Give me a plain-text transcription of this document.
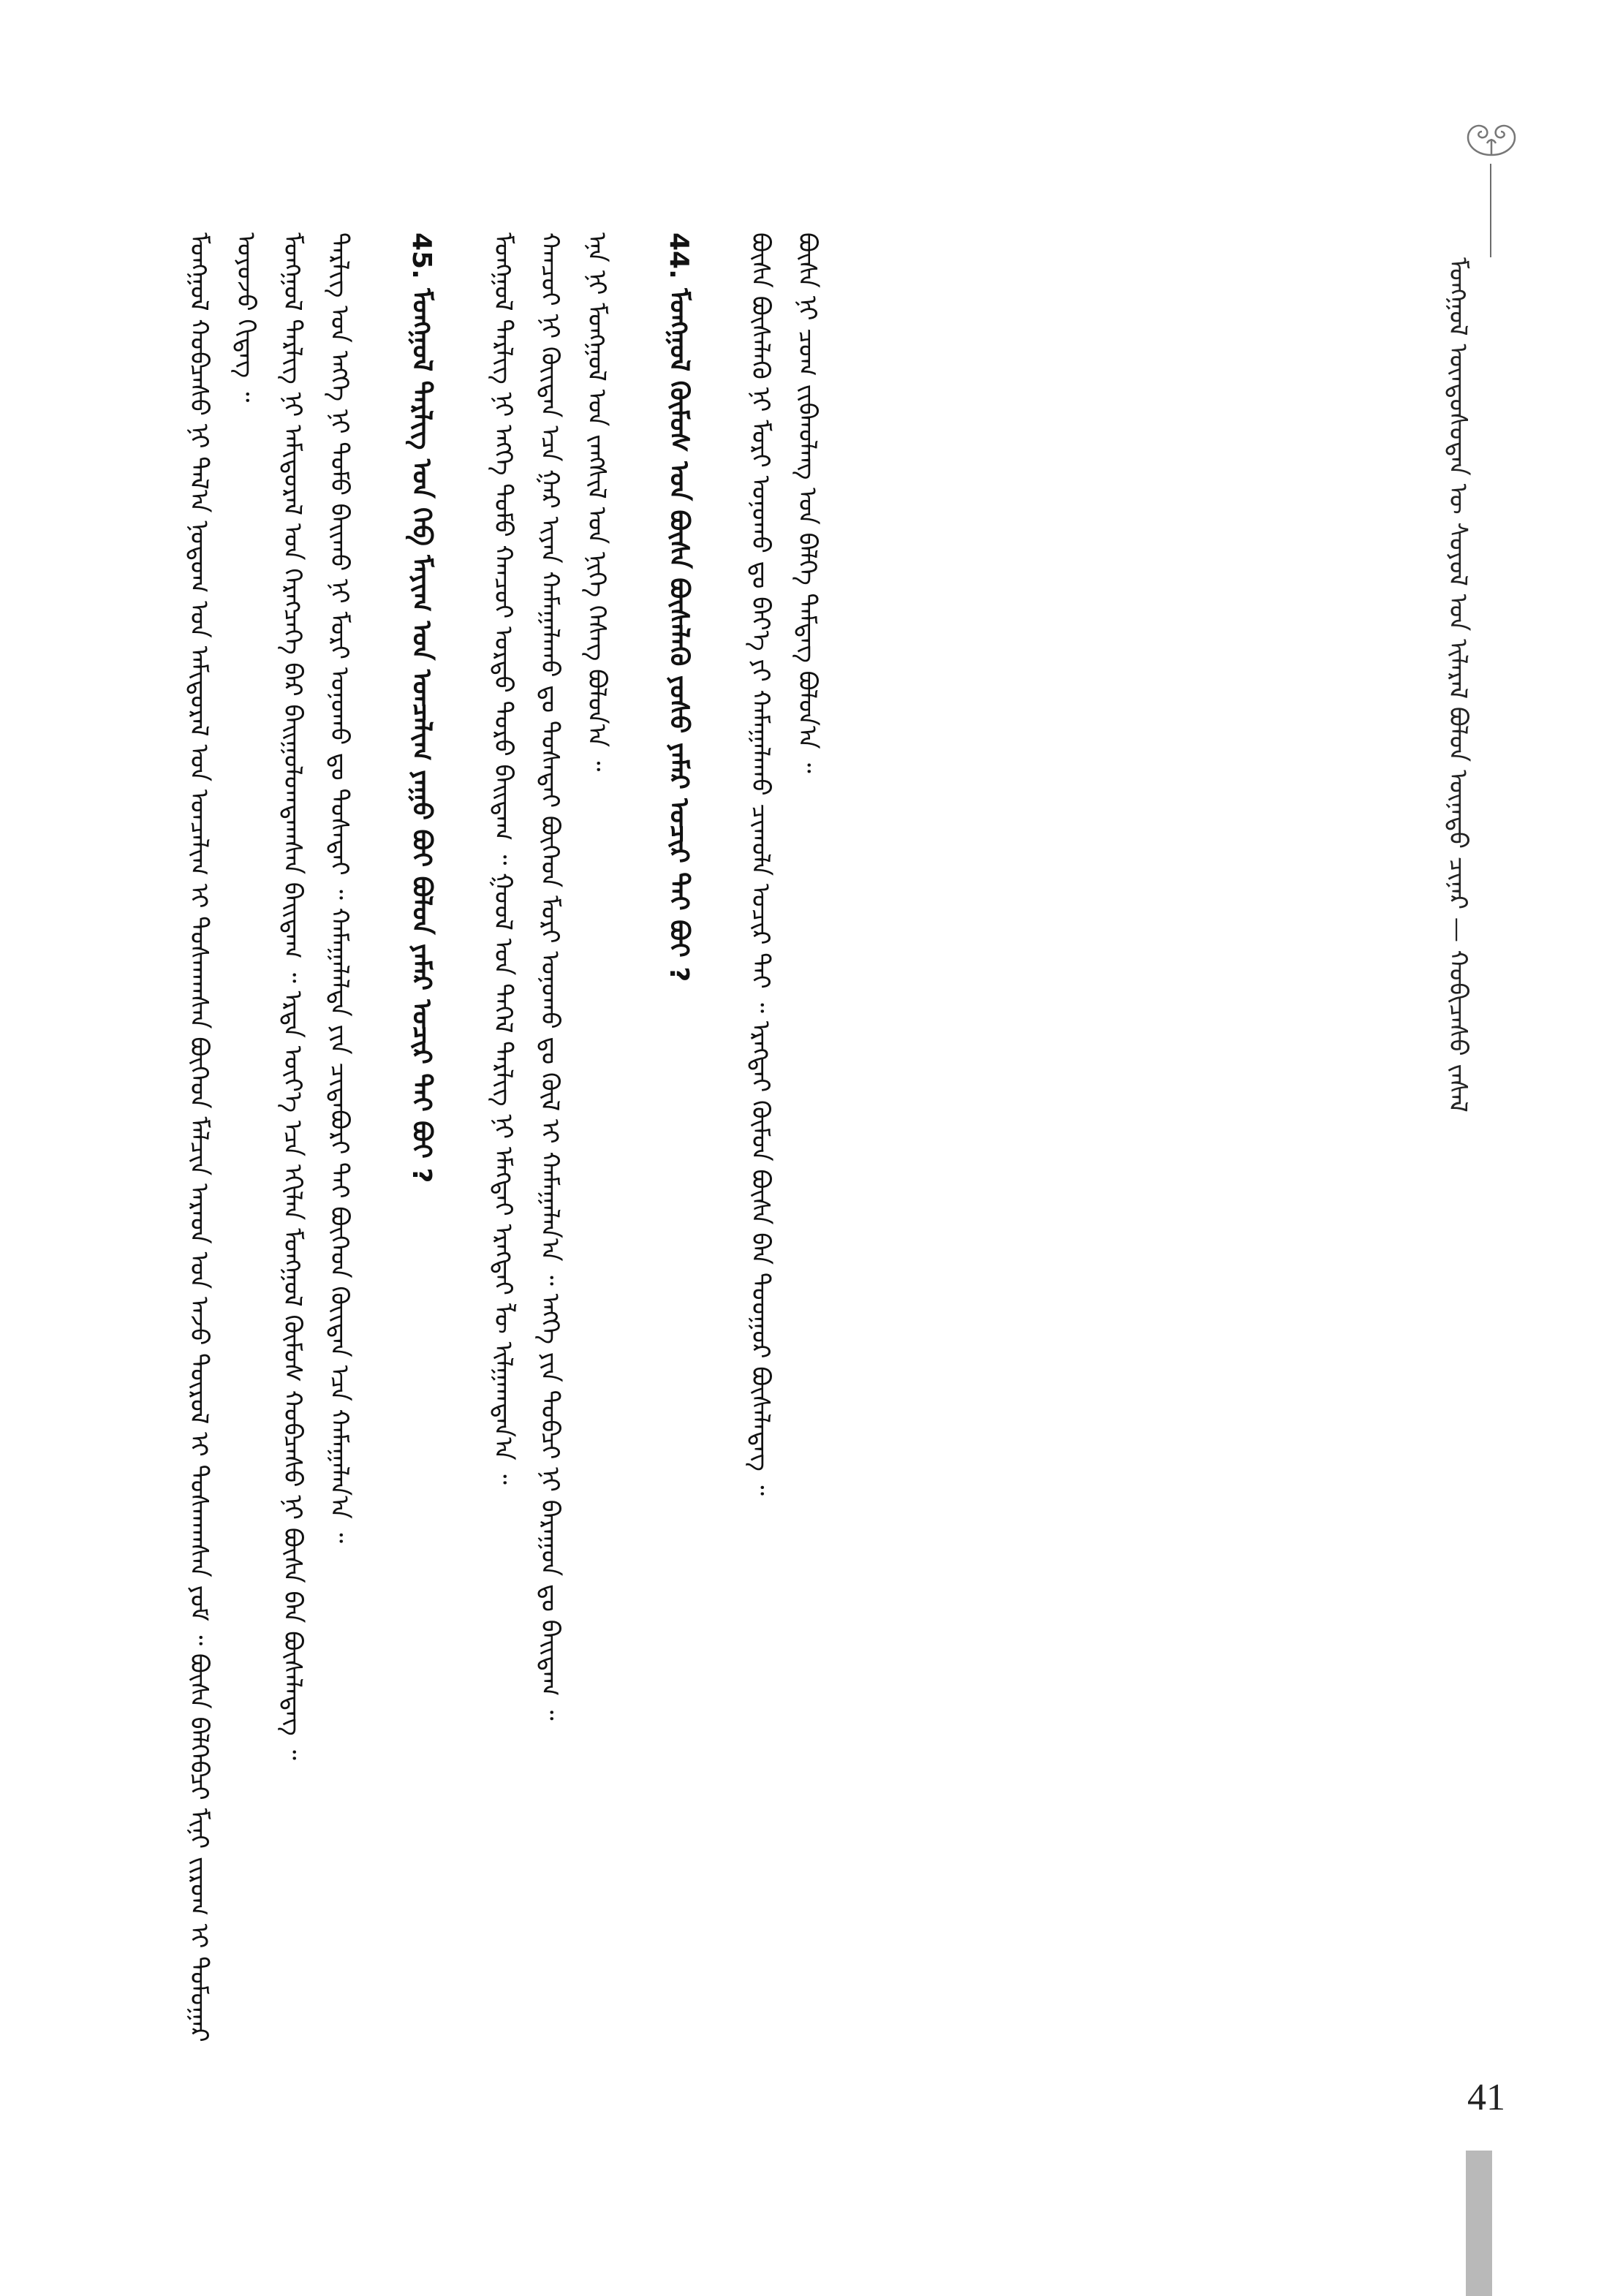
ᠮᠣᠩᠭᠣᠯ ᠦᠨᠳᠦᠰᠦᠲᠡᠨ ᠦ ᠰᠣᠶᠣᠯ ᠤᠨ ᠢᠯᠡᠷᠡᠯ ᠪᠣᠯᠤᠨ ᠦᠨᠡᠲᠦ ᠴᠢᠨᠠᠷ — ᠬᠣᠪᠢᠴᠠᠰᠤ ᠵᠠᠰᠠᠯ

ᠮᠣᠩᠭᠣᠯ ᠬᠤᠪᠴᠠᠰᠤ ᠨᠢ ᠲᠠᠯ᠎ᠠ ᠨᠤᠲᠤᠭ ᠤᠨ ᠠᠮᠢᠳᠤᠷᠠᠯ ᠤᠨ ᠣᠨᠴᠠᠯᠢᠭ ᠢ ᠲᠤᠰᠬᠠᠭᠰᠠᠨ ᠪᠥᠭᠡᠳ ᠮᠠᠯᠴᠢᠨ ᠠᠷᠠᠳ ᠤᠨ ᠠᠵᠤ ᠲᠥᠷᠥᠯ ᠢ ᠲᠤᠰᠬᠠᠭᠰᠠᠨ ᠶᠤᠮ ᠃ ᠪᠦᠰᠡ ᠪᠡᠯᠭᠡᠪᠴᠢ ᠮᠢᠨᠢ ᠵᠢᠷᠤᠭ ᠢ ᠲᠣᠮᠤᠭᠠᠷ ᠣᠶᠤᠵᠤ ᠬᠢᠳᠡᠭ ᠃ ᠮᠣᠩᠭᠣᠯ ᠲᠡᠷᠯᠢᠭ ᠨᠢ ᠠᠮᠢᠳᠤᠷᠠᠯ ᠤᠨ ᠬᠡᠷᠡᠭᠴᠡᠭᠡ ᠪᠡᠷ ᠪᠠᠢᠭᠤᠯᠤᠭᠳᠠᠭᠰᠠᠨ ᠪᠠᠢᠳᠠᠭ ᠃ ᠡᠷᠲᠡ ᠦᠶ᠎ᠡ ᠡᠴᠡ ᠡᠬᠢᠯᠡᠨ ᠮᠣᠩᠭᠣᠯ ᠬᠦᠮᠦᠰ ᠬᠤᠪᠴᠠᠰᠤ ᠨᠢ ᠪᠦᠰᠡ ᠪᠡᠨ ᠪᠦᠰᠡᠯᠡᠳᠡᠭ ᠃ ᠲᠡᠷᠯᠢᠭ ᠤᠨ ᠡᠩᠭᠡ ᠨᠢ ᠲᠣᠮᠣ ᠪᠠᠢᠬᠤ ᠨᠢ ᠮᠣᠷᠢ ᠤᠨᠤᠬᠤ ᠳᠤ ᠲᠤᠰᠠᠲᠠᠢ ᠃ ᠬᠠᠮᠠᠭᠠᠯᠠᠯᠲᠠ ᠶᠢᠨ ᠴᠢᠳᠠᠪᠤᠷᠢ ᠲᠠᠢ ᠪᠥᠭᠡᠳ ᠬᠦᠢᠲᠡᠨ ᠡᠴᠡ ᠬᠠᠮᠠᠭᠠᠯᠠᠨ᠎ᠠ ᠃	45. ᠮᠣᠩᠭᠣᠯ ᠲᠡᠷᠯᠢᠭ ᠤᠨ ᠬᠡᠪ ᠮᠠᠶᠢᠭ ᠤᠨ ᠣᠨᠴᠠᠯᠢᠭ ᠶᠠᠭᠤ ᠪᠣᠢ ᠪᠣᠯᠣᠨ ᠶᠠᠮᠠᠷ ᠤᠴᠢᠷ ᠲᠠᠢ ᠪᠣᠢ ?	ᠮᠣᠩᠭᠣᠯ ᠲᠡᠷᠯᠢᠭ ᠨᠢ ᠡᠩᠭᠡ ᠲᠣᠮᠣ ᠬᠠᠨᠴᠤᠢ ᠤᠷᠲᠤ ᠳᠤᠷᠤ ᠪᠠᠢᠳᠠᠭ ᠃ ᠭᠣᠣᠯ ᠤᠨ ᠳᠡᠭᠡᠯ ᠲᠡᠷᠯᠢᠭ ᠨᠢ ᠡᠮᠡᠭᠲᠡᠢ ᠡᠷᠡᠭᠲᠡᠢ ᠯᠦ ᠢᠯᠭᠠᠭᠳᠠᠨ᠎ᠠ ᠃ ᠬᠠᠨᠴᠤᠢ ᠨᠢ ᠬᠦᠢᠲᠡᠨ ᠡᠴᠡ ᠭᠠᠷ ᠢᠶᠠᠨ ᠬᠠᠮᠠᠭᠠᠯᠠᠬᠤ ᠳᠤ ᠲᠤᠰᠠᠲᠠᠢ ᠪᠥᠭᠡᠳ ᠮᠣᠷᠢ ᠤᠨᠤᠬᠤ ᠳᠤ ᠬᠥᠯ ᠢ ᠬᠠᠮᠠᠭᠠᠯᠠᠨ᠎ᠠ ᠃ ᠡᠩᠭᠡ ᠶᠢᠨ ᠲᠣᠪᠴᠢ ᠨᠢ ᠪᠠᠷᠠᠭᠤᠨ ᠳᠤ ᠪᠠᠢᠳᠠᠭ ᠃ ᠡᠨᠡ ᠨᠢ ᠮᠣᠩᠭᠣᠯ ᠤᠨ ᠵᠠᠩᠰᠢᠯ ᠤᠨ ᠨᠢᠭᠡ ᠬᠡᠰᠡᠭ ᠪᠣᠯᠤᠨ᠎ᠠ ᠃	44. ᠮᠣᠩᠭᠣᠯ ᠬᠦᠮᠦᠰ ᠤᠨ ᠪᠦᠰᠡ ᠪᠦᠰᠡᠯᠡᠬᠦ ᠶᠣᠰᠣ ᠶᠠᠮᠠᠷ ᠤᠴᠢᠷ ᠲᠠᠢ ᠪᠣᠢ ?	ᠪᠦᠰᠡ ᠪᠦᠰᠡᠯᠡᠬᠦ ᠨᠢ ᠮᠣᠷᠢ ᠤᠨᠤᠬᠤ ᠳᠤ ᠪᠡᠶ᠎ᠡ ᠶᠢ ᠬᠠᠮᠠᠭᠠᠯᠠᠬᠤ ᠴᠢᠬᠤᠯᠠ ᠤᠴᠢᠷ ᠲᠠᠢ ᠃ ᠡᠷᠡᠭᠲᠡᠢ ᠬᠦᠮᠦᠨ ᠪᠦᠰᠡ ᠪᠡᠨ ᠳᠣᠣᠭᠤᠷ ᠪᠦᠰᠡᠯᠡᠳᠡᠭ ᠃ ᠪᠦᠰᠡ ᠨᠢ ᠴᠣᠭ ᠵᠢᠪᠬᠤᠯᠠᠩ ᠤᠨ ᠪᠡᠯᠭᠡ ᠲᠡᠮᠳᠡᠭ ᠪᠣᠯᠤᠨ᠎ᠠ ᠃

41
